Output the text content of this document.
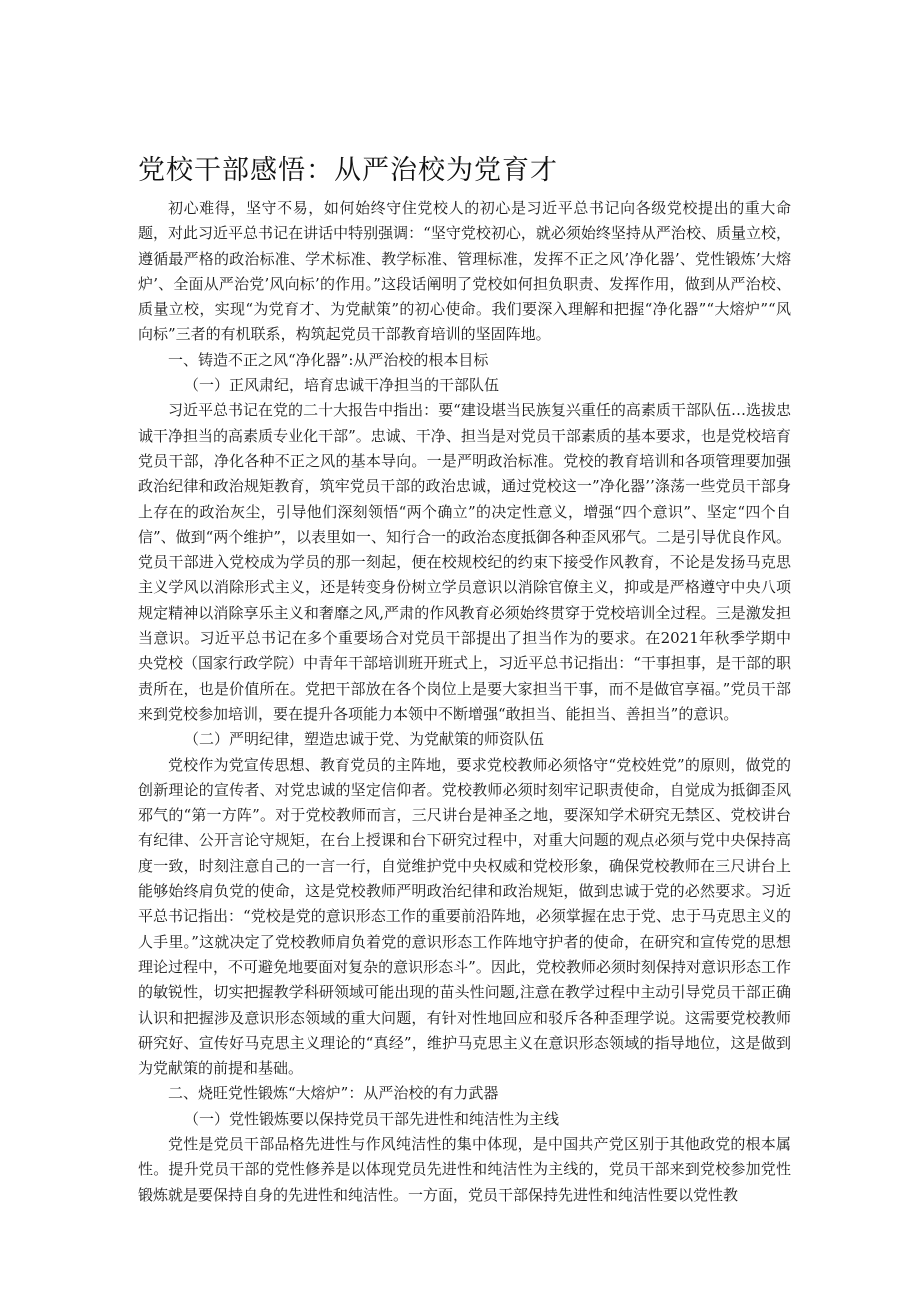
党校干部感悟：从严治校为党育才

初心难得，坚守不易，如何始终守住党校人的初心是习近平总书记向各级党校提出的重大命题，对此习近平总书记在讲话中特别强调：“坚守党校初心，就必须始终坚持从严治校、质量立校，遵循最严格的政治标准、学术标准、教学标准、管理标准，发挥不正之风’净化器’、党性锻炼’大熔炉’、全面从严治党’风向标’的作用。”这段话阐明了党校如何担负职责、发挥作用，做到从严治校、质量立校，实现“为党育才、为党献策”的初心使命。我们要深入理解和把握“净化器”“大熔炉”“风向标”三者的有机联系，构筑起党员干部教育培训的坚固阵地。

一、铸造不正之风“净化器”:从严治校的根本目标

（一）正风肃纪，培育忠诚干净担当的干部队伍

习近平总书记在党的二十大报告中指出：要“建设堪当民族复兴重任的高素质干部队伍…选拔忠诚干净担当的高素质专业化干部”。忠诚、干净、担当是对党员干部素质的基本要求，也是党校培育党员干部，净化各种不正之风的基本导向。一是严明政治标准。党校的教育培训和各项管理要加强政治纪律和政治规矩教育，筑牢党员干部的政治忠诚，通过党校这一”净化器’’涤荡一些党员干部身上存在的政治灰尘，引导他们深刻领悟“两个确立”的决定性意义，增强“四个意识”、坚定“四个自信”、做到“两个维护”，以表里如一、知行合一的政治态度抵御各种歪风邪气。二是引导优良作风。党员干部进入党校成为学员的那一刻起，便在校规校纪的约束下接受作风教育，不论是发扬马克思主义学风以消除形式主义，还是转变身份树立学员意识以消除官僚主义，抑或是严格遵守中央八项规定精神以消除享乐主义和奢靡之风,严肃的作风教育必须始终贯穿于党校培训全过程。三是激发担当意识。习近平总书记在多个重要场合对党员干部提出了担当作为的要求。在2021年秋季学期中央党校（国家行政学院）中青年干部培训班开班式上，习近平总书记指出：“干事担事，是干部的职责所在，也是价值所在。党把干部放在各个岗位上是要大家担当干事，而不是做官享福。”党员干部来到党校参加培训，要在提升各项能力本领中不断增强“敢担当、能担当、善担当”的意识。

（二）严明纪律，塑造忠诚于党、为党献策的师资队伍

党校作为党宣传思想、教育党员的主阵地，要求党校教师必须恪守“党校姓党”的原则，做党的创新理论的宣传者、对党忠诚的坚定信仰者。党校教师必须时刻牢记职责使命，自觉成为抵御歪风邪气的“第一方阵”。对于党校教师而言，三尺讲台是神圣之地，要深知学术研究无禁区、党校讲台有纪律、公开言论守规矩，在台上授课和台下研究过程中，对重大问题的观点必须与党中央保持高度一致，时刻注意自己的一言一行，自觉维护党中央权威和党校形象，确保党校教师在三尺讲台上能够始终肩负党的使命，这是党校教师严明政治纪律和政治规矩，做到忠诚于党的必然要求。习近平总书记指出：“党校是党的意识形态工作的重要前沿阵地，必须掌握在忠于党、忠于马克思主义的人手里。”这就决定了党校教师肩负着党的意识形态工作阵地守护者的使命，在研究和宣传党的思想理论过程中，不可避免地要面对复杂的意识形态斗”。因此，党校教师必须时刻保持对意识形态工作的敏锐性，切实把握教学科研领域可能出现的苗头性问题,注意在教学过程中主动引导党员干部正确认识和把握涉及意识形态领域的重大问题，有针对性地回应和驳斥各种歪理学说。这需要党校教师研究好、宣传好马克思主义理论的“真经”，维护马克思主义在意识形态领域的指导地位，这是做到为党献策的前提和基础。

二、烧旺党性锻炼“大熔炉”：从严治校的有力武器

（一）党性锻炼要以保持党员干部先进性和纯洁性为主线

党性是党员干部品格先进性与作风纯洁性的集中体现，是中国共产党区别于其他政党的根本属性。提升党员干部的党性修养是以体现党员先进性和纯洁性为主线的，党员干部来到党校参加党性锻炼就是要保持自身的先进性和纯洁性。一方面，党员干部保持先进性和纯洁性要以党性教
